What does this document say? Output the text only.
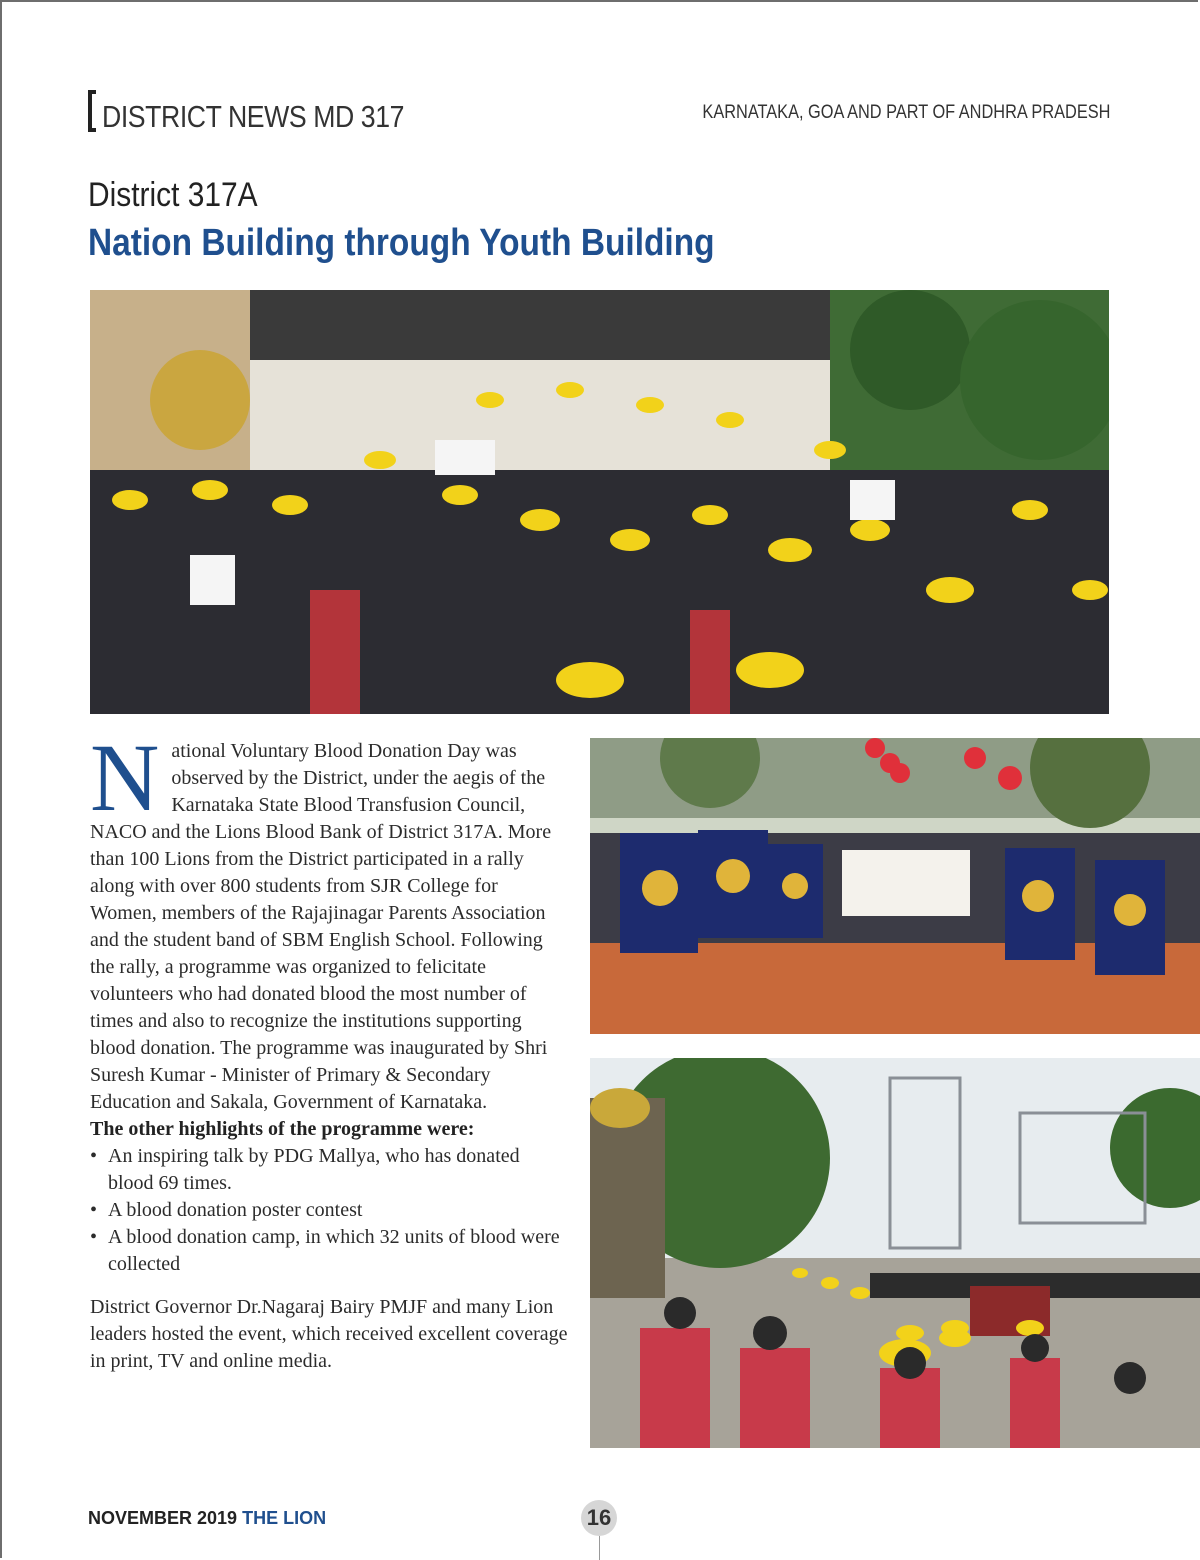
DISTRICT NEWS MD 317	KARNATAKA, GOA AND PART OF ANDHRA PRADESH
District 317A
Nation Building through Youth Building

National Voluntary Blood Donation Day was observed by the District, under the aegis of the Karnataka State Blood Transfusion Council, NACO and the Lions Blood Bank of District 317A. More than 100 Lions from the District participated in a rally along with over 800 students from SJR College for Women, members of the Rajajinagar Parents Association and the student band of SBM English School. Following the rally, a programme was organized to felicitate volunteers who had donated blood the most number of times and also to recognize the institutions supporting blood donation. The programme was inaugurated by Shri Suresh Kumar - Minister of Primary & Secondary Education and Sakala, Government of Karnataka.

The other highlights of the programme were:

• An inspiring talk by PDG Mallya, who has donated blood 69 times.
• A blood donation poster contest
• A blood donation camp, in which 32 units of blood were collected

District Governor Dr.Nagaraj Bairy PMJF and many Lion leaders hosted the event, which received excellent coverage in print, TV and online media.

NOVEMBER 2019 THE LION	16
